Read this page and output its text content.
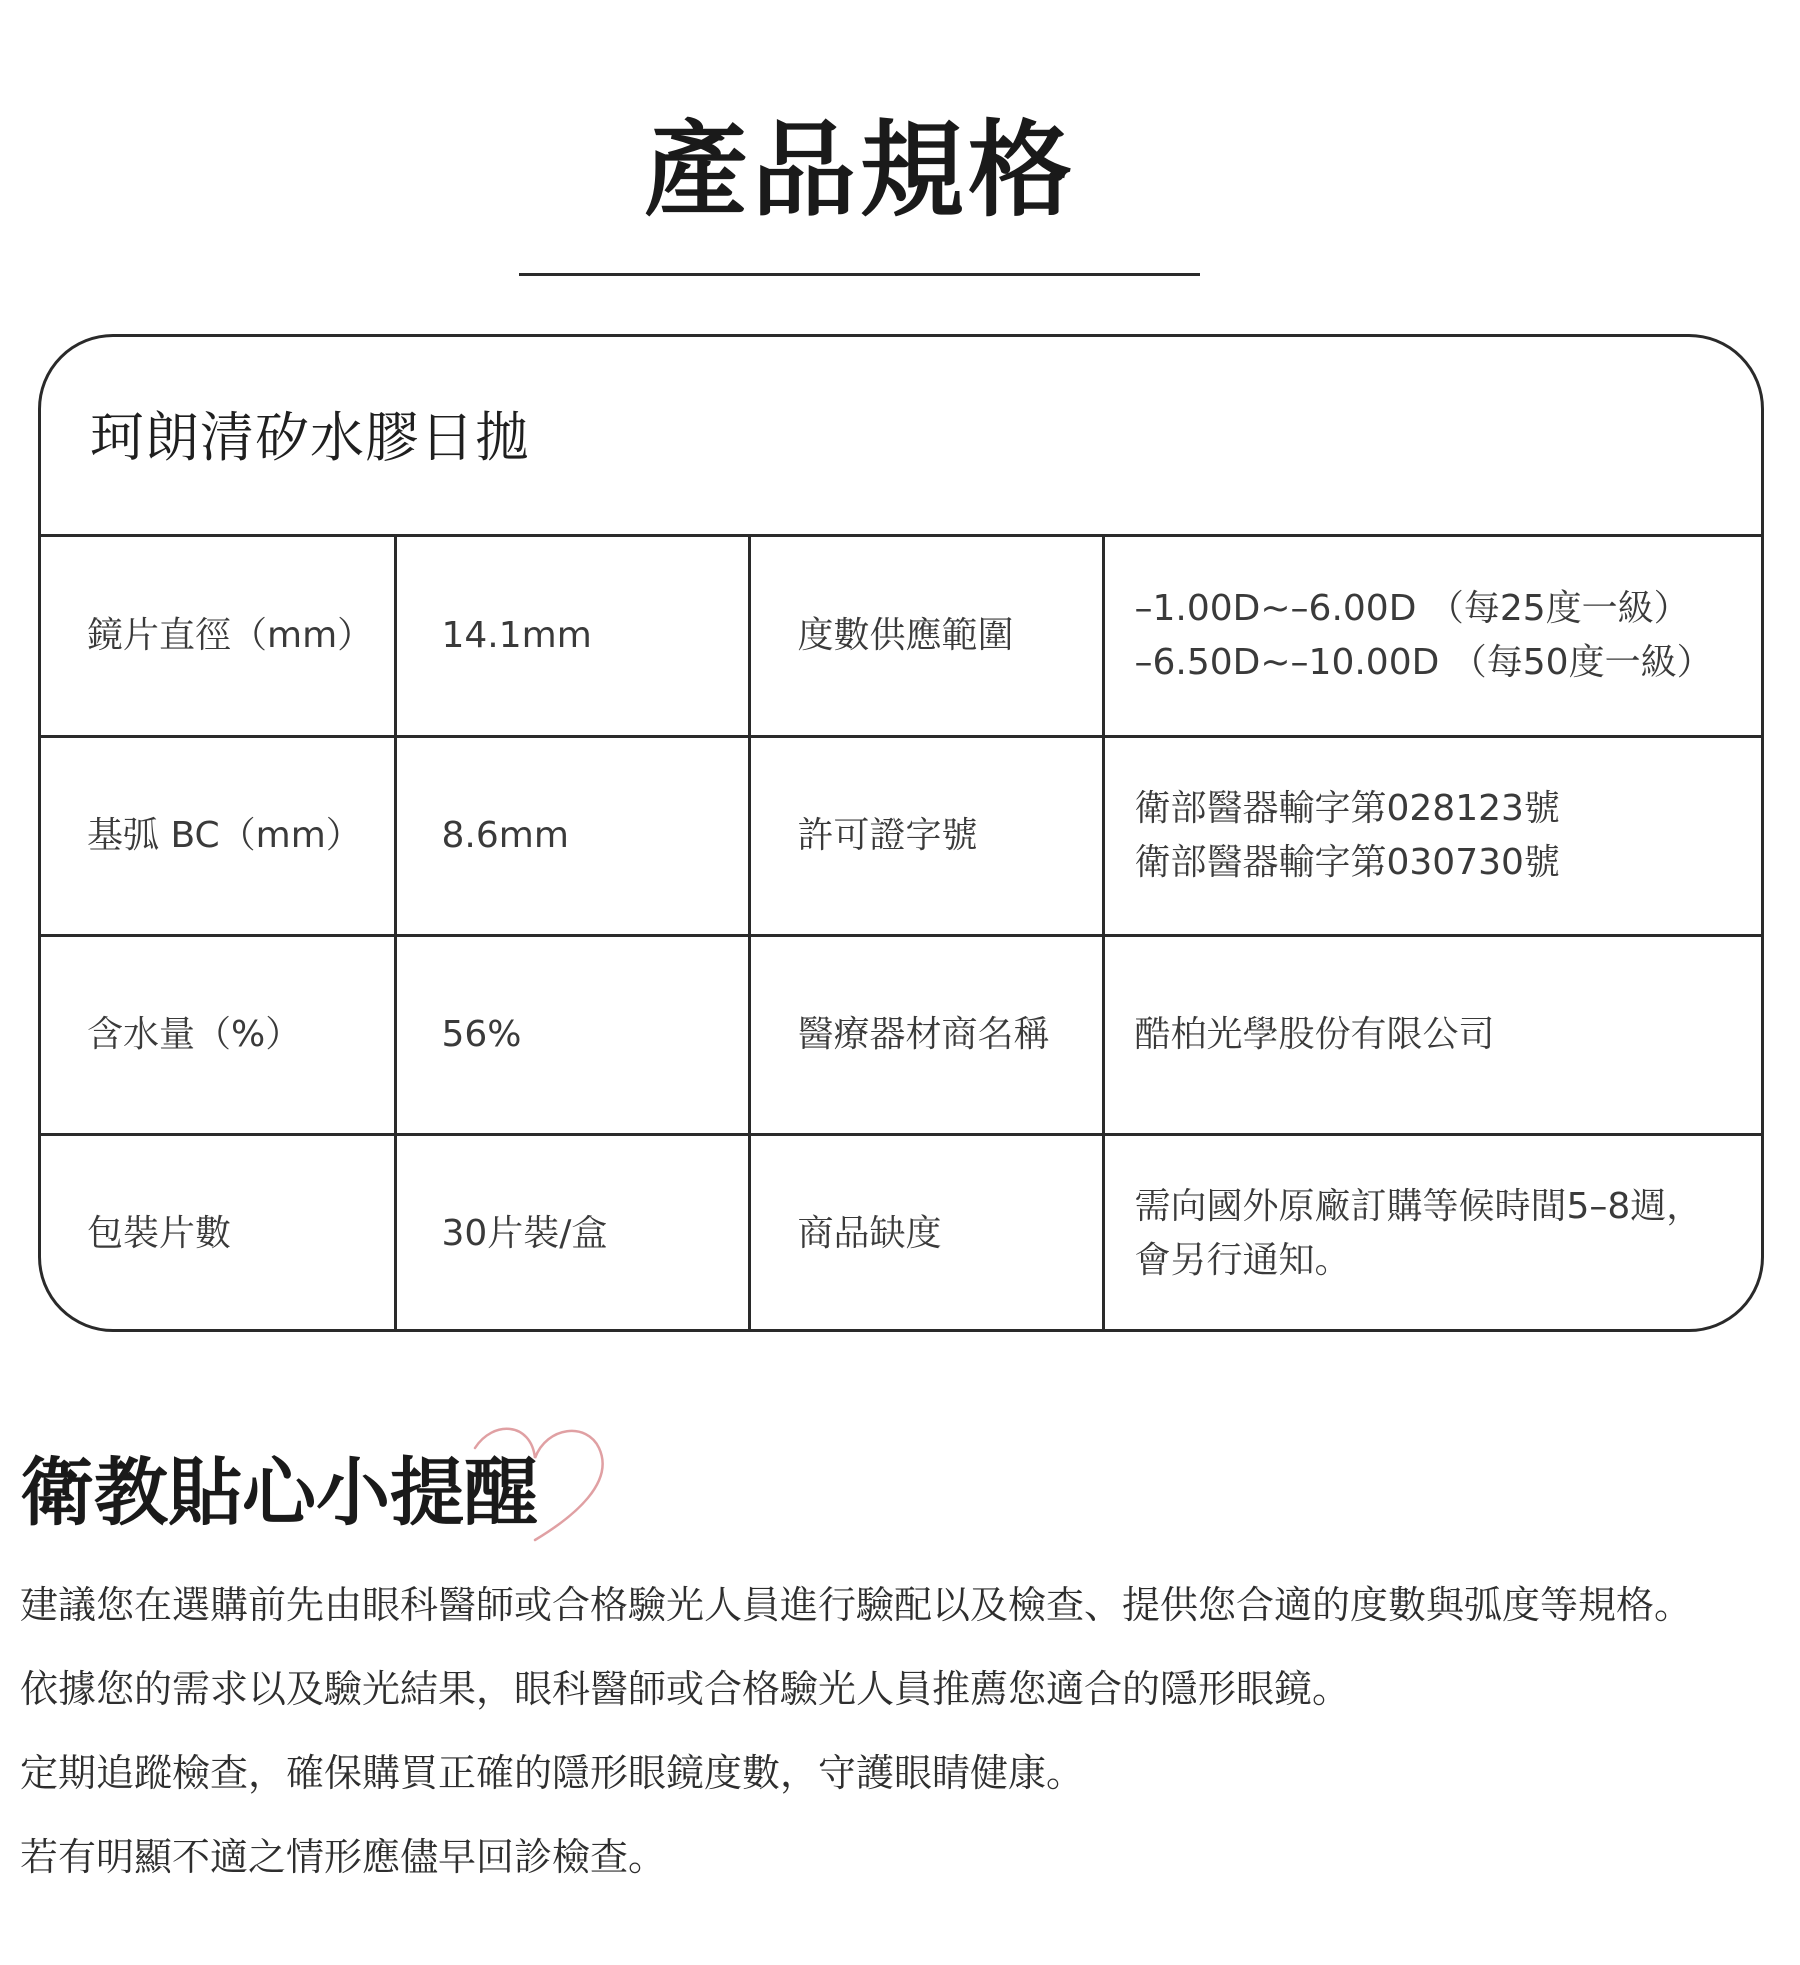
產品規格
珂朗清矽水膠日拋
鏡片直徑（mm）	14.1mm	度數供應範圍	–1.00D~–6.00D （每25度一級）
–6.50D~–10.00D （每50度一級）

基弧 BC（mm）	8.6mm	許可證字號	衛部醫器輸字第028123號
衛部醫器輸字第030730號

含水量（%）	56%	醫療器材商名稱	酷柏光學股份有限公司

包裝片數	30片裝/盒	商品缺度	需向國外原廠訂購等候時間5–8週，
會另行通知。
衛教貼心小提醒
建議您在選購前先由眼科醫師或合格驗光人員進行驗配以及檢查、提供您合適的度數與弧度等規格。
依據您的需求以及驗光結果，眼科醫師或合格驗光人員推薦您適合的隱形眼鏡。
定期追蹤檢查，確保購買正確的隱形眼鏡度數，守護眼睛健康。
若有明顯不適之情形應儘早回診檢查。
